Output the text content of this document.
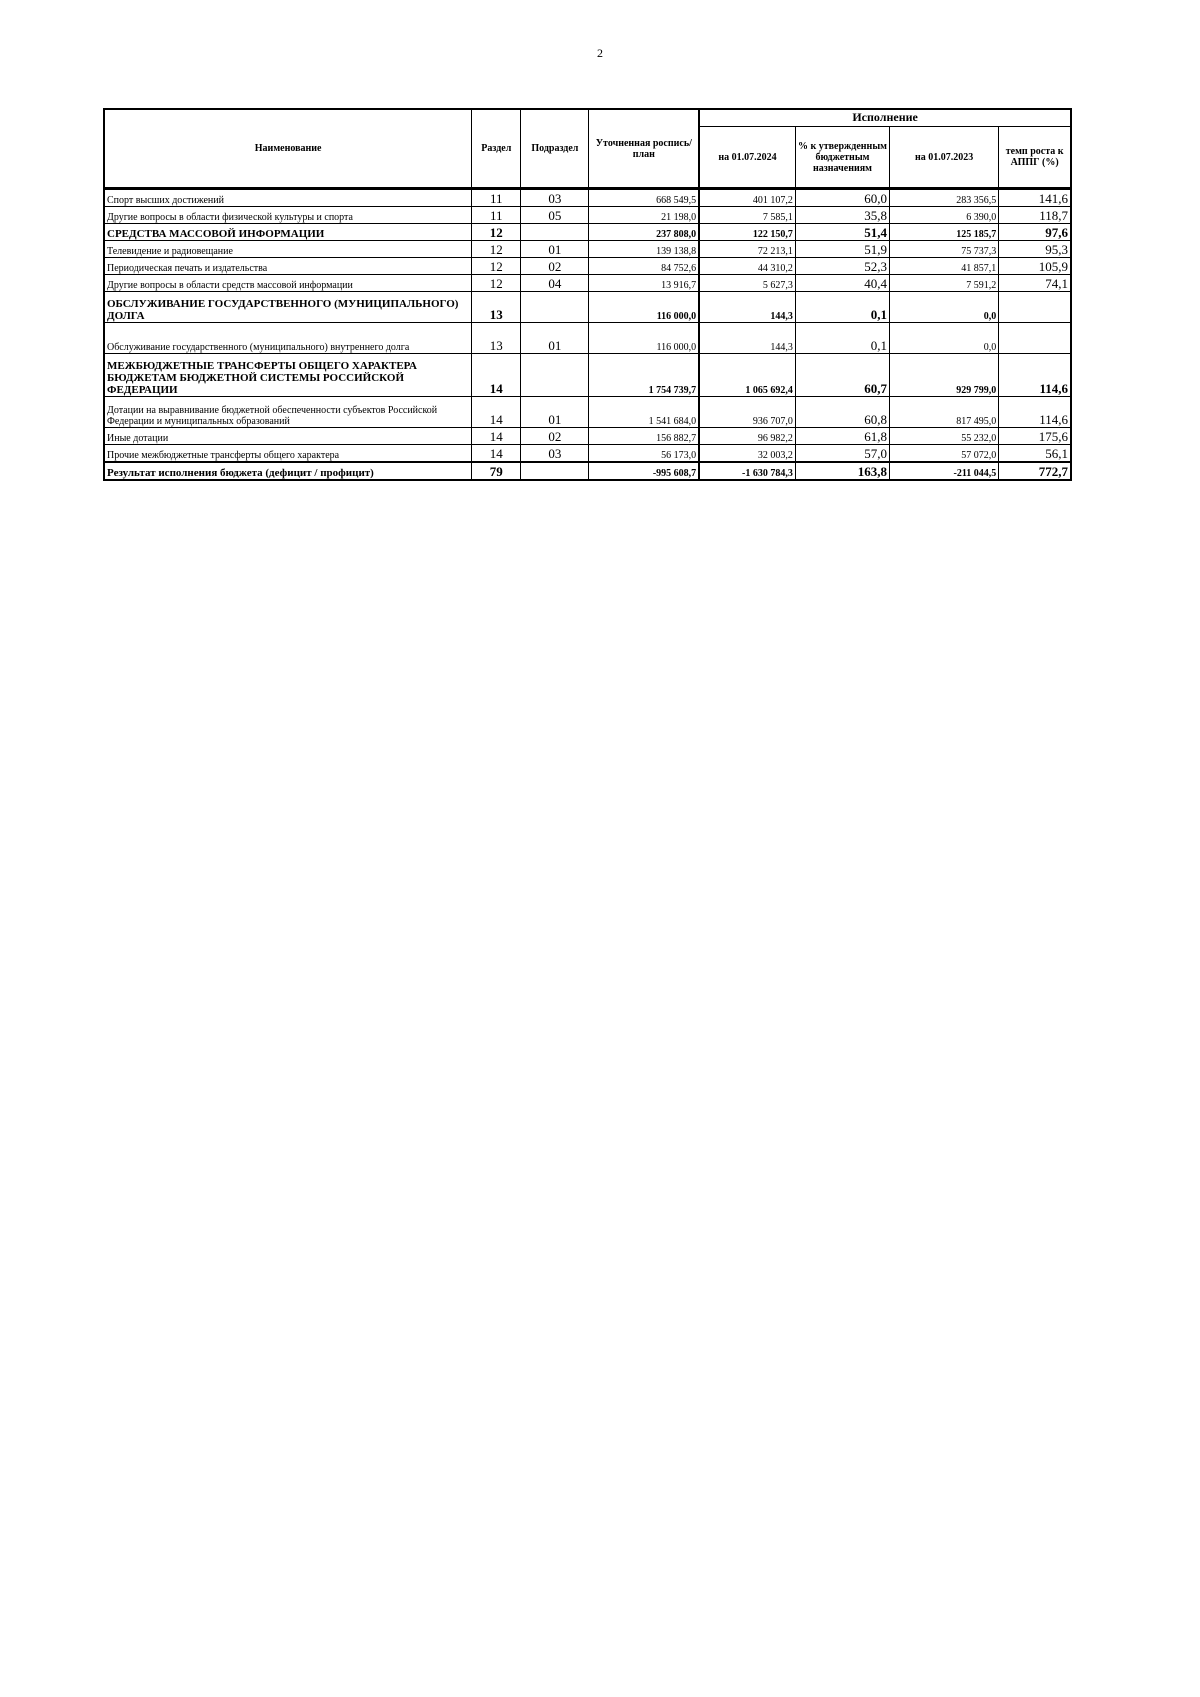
2
Наименование	Раздел	Подраздел	Уточненная роспись/план	Исполнение			
				на 01.07.2024	% к утвержденным бюджетным назначениям	на 01.07.2023	темп роста к АППГ (%)
Спорт высших достижений	11	03	668 549,5	401 107,2	60,0	283 356,5	141,6
Другие вопросы в области физической культуры и спорта	11	05	21 198,0	7 585,1	35,8	6 390,0	118,7
СРЕДСТВА МАССОВОЙ ИНФОРМАЦИИ	12		237 808,0	122 150,7	51,4	125 185,7	97,6
Телевидение и радиовещание	12	01	139 138,8	72 213,1	51,9	75 737,3	95,3
Периодическая печать и издательства	12	02	84 752,6	44 310,2	52,3	41 857,1	105,9
Другие вопросы в области средств массовой информации	12	04	13 916,7	5 627,3	40,4	7 591,2	74,1
ОБСЛУЖИВАНИЕ ГОСУДАРСТВЕННОГО (МУНИЦИПАЛЬНОГО) ДОЛГА	13		116 000,0	144,3	0,1	0,0	
Обслуживание государственного (муниципального) внутреннего долга	13	01	116 000,0	144,3	0,1	0,0	
МЕЖБЮДЖЕТНЫЕ ТРАНСФЕРТЫ ОБЩЕГО ХАРАКТЕРА БЮДЖЕТАМ БЮДЖЕТНОЙ СИСТЕМЫ РОССИЙСКОЙ ФЕДЕРАЦИИ	14		1 754 739,7	1 065 692,4	60,7	929 799,0	114,6
Дотации на выравнивание бюджетной обеспеченности субъектов Российской Федерации и муниципальных образований	14	01	1 541 684,0	936 707,0	60,8	817 495,0	114,6
Иные дотации	14	02	156 882,7	96 982,2	61,8	55 232,0	175,6
Прочие межбюджетные трансферты общего характера	14	03	56 173,0	32 003,2	57,0	57 072,0	56,1
Результат исполнения бюджета (дефицит / профицит)	79		-995 608,7	-1 630 784,3	163,8	-211 044,5	772,7
